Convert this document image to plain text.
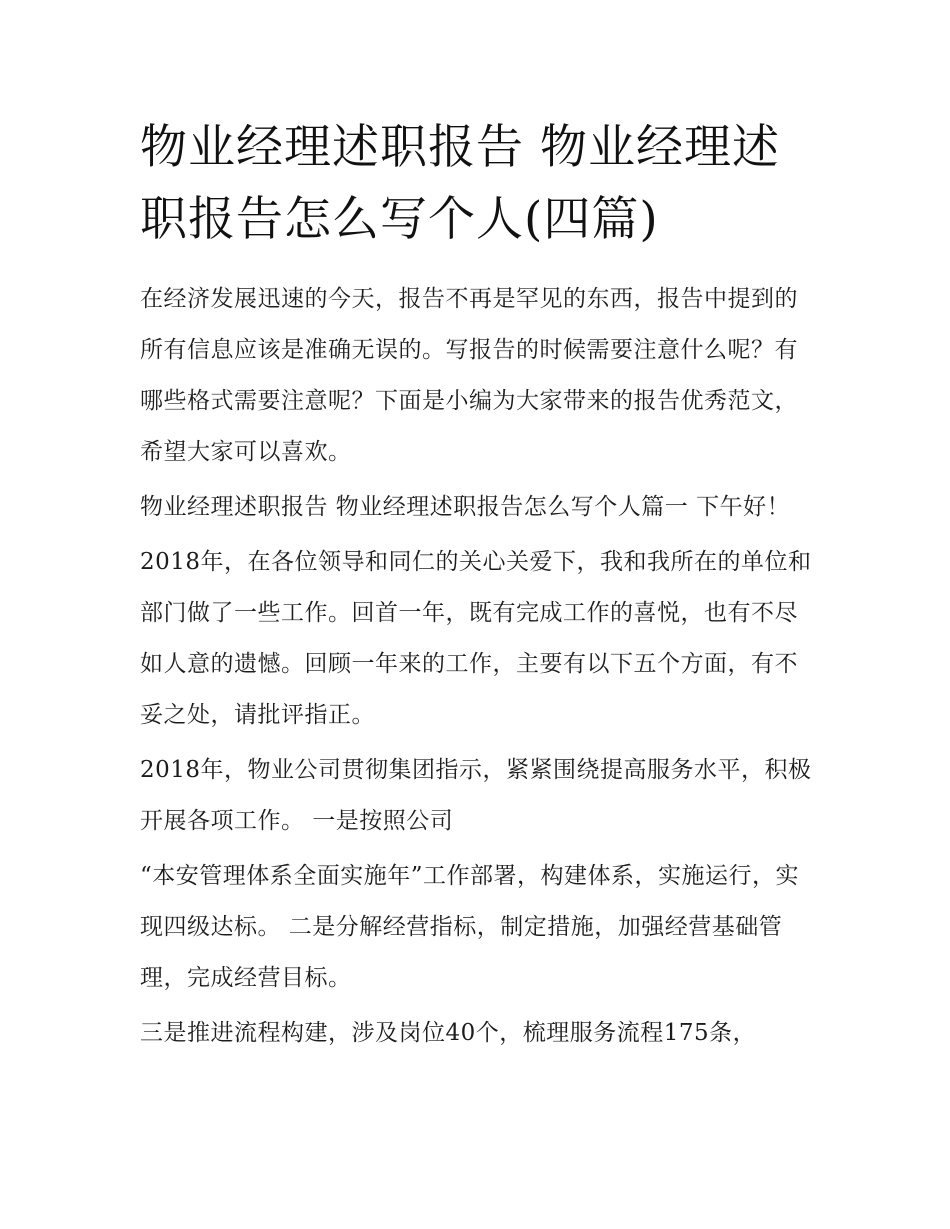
物业经理述职报告 物业经理述职报告怎么写个人(四篇)

在经济发展迅速的今天，报告不再是罕见的东西，报告中提到的所有信息应该是准确无误的。写报告的时候需要注意什么呢？有哪些格式需要注意呢？下面是小编为大家带来的报告优秀范文，希望大家可以喜欢。

物业经理述职报告 物业经理述职报告怎么写个人篇一 下午好！

2018年，在各位领导和同仁的关心关爱下，我和我所在的单位和部门做了一些工作。回首一年，既有完成工作的喜悦，也有不尽如人意的遗憾。回顾一年来的工作，主要有以下五个方面，有不妥之处，请批评指正。

2018年，物业公司贯彻集团指示，紧紧围绕提高服务水平，积极开展各项工作。 一是按照公司

“本安管理体系全面实施年”工作部署，构建体系，实施运行，实现四级达标。 二是分解经营指标，制定措施，加强经营基础管理，完成经营目标。

三是推进流程构建，涉及岗位40个，梳理服务流程175条，
